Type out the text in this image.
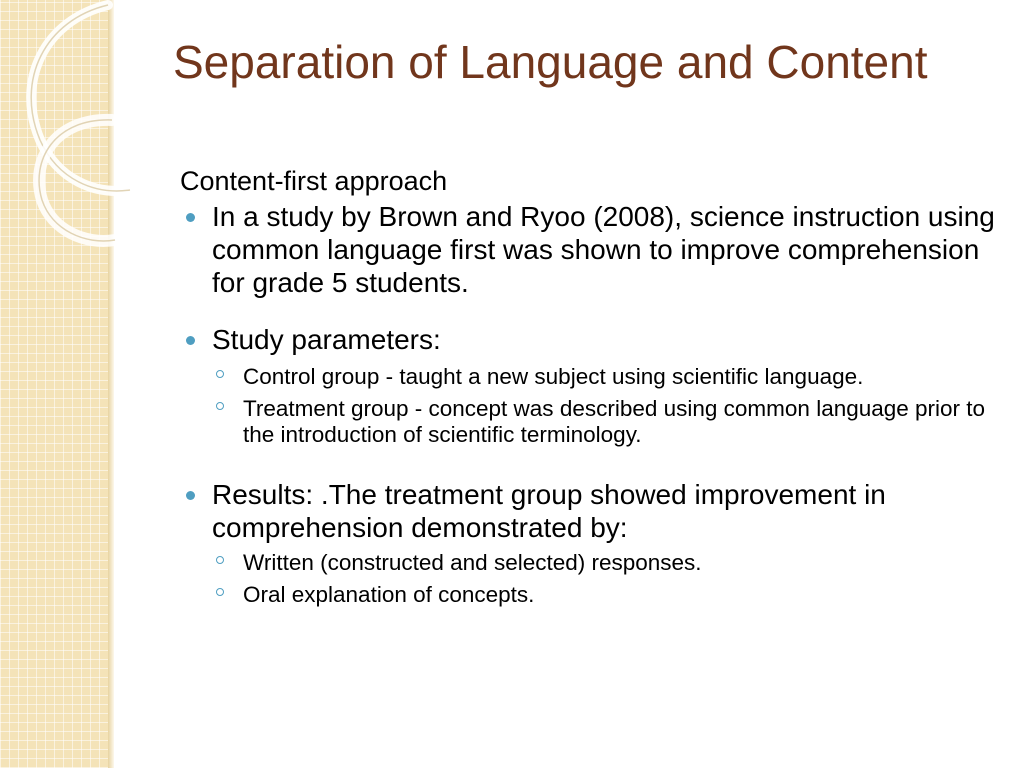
Separation of Language and Content

Content-first approach

In a study by Brown and Ryoo (2008), science instruction using common language first was shown to improve comprehension for grade 5 students.
Study parameters:
Control group - taught a new subject using scientific language.
Treatment group - concept was described using common language prior to the introduction of scientific terminology.
Results: .The treatment group showed improvement in comprehension demonstrated by:
Written (constructed and selected) responses.
Oral explanation of concepts.
